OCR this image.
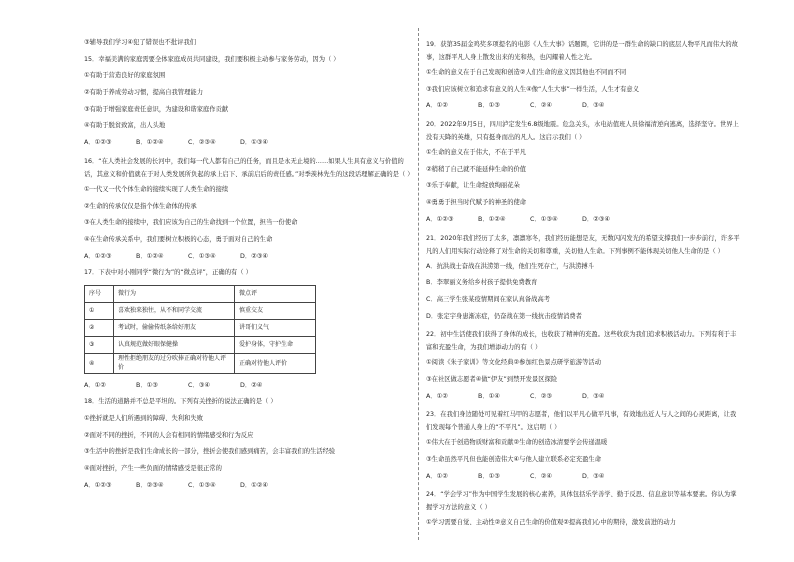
③辅导我们学习④犯了错误也不批评我们
15．幸福美满的家庭需要全体家庭成员共同建设，我们要积极主动参与家务劳动，因为（ ）
①有助于营造良好的家庭氛围
②有助于养成劳动习惯，提高自我管理能力
③有助于增强家庭责任意识，为建设和谐家庭作贡献
④有助于脱贫致富，出人头地
A．①②③	B．①②④	C．②③④	D．①③④
16．“在人类社会发展的长河中，我们每一代人都有自己的任务，而且是永无止境的……如果人生具有意义与价值的话，其意义和价值就在于对人类发展所负起的承上启下、承前启后的责任感。”对季羡林先生的这段话理解正确的是（ ）
①一代又一代个体生命的接续实现了人类生命的接续
②生命的传承仅仅是指个体生命体的传承
③在人类生命的接续中，我们应该为自己的生命找到一个位置，担当一份使命
④在生命传承关系中，我们要树立积极的心态，勇于面对自己的生命
A．①②③	B．①②④	C．①③④	D．②③④
17．下表中对小刚同学“微行为”的“微点评”，正确的有（ ）
序号	微行为	微点评
①	喜欢独来独往，从不和同学交流	慎重交友
②	考试时，偷偷传纸条给好朋友	讲哥们义气
③	认真规范做好眼保健操	爱护身体，守护生命
④	理性拒绝朋友的过分吹捧正确对待他人评价	正确对待他人评价
A．①②	B．①③	C．③④	D．②④
18．生活的道路并不总是平坦的。下列有关挫折的说法正确的是（ ）
①挫折就是人们所遇到的障碍、失利和失败
②面对不同的挫折，不同的人会有相同的情绪感受和行为反应
③生活中的挫折是我们生命成长的一部分，挫折会使我们感到痛苦，会丰富我们的生活经验
④面对挫折，产生一些负面的情绪感受是很正常的
A．①②③	B．②③④	C．①③④	D．①②④
19．获第35届金鸡奖多项提名的电影《人生大事》话题圈，它讲的是一群生命的缺口的底层人物平凡而伟大的故事，这群平凡人身上散发出来的光和热，也闪耀着人性之光。
①生命的意义在于自己发现和创造②人们生命的意义因其他也不同而不同
③我们应该树立和追求有意义的人生④像“人生大事”一样生活，人生才有意义
A．①②	B．①③	C．②④	D．③④
20．2022年9月5日，四川泸定发生6.8级地震。危急关头，水电站值班人员徐福清逆向逃离，选择坚守。世界上没有天降的英雄，只有挺身而出的凡人。这启示我们（ ）
①生命的意义在于伟大，不在于平凡
②稍稍了自己就不能延伸生命的价值
③乐于奉献，让生命绽放绚丽花朵
④勇勇于担当时代赋予的神圣的使命
A．①②③	B．①②④	C．①③④	D．②③④
21．2020年我们经历了太多，凛凛寒冬，我们经历能想是友，无数闪闪发光的希望支撑我们一步步前行，许多平凡的人们用实际行动诠释了对生命的关切和尊重，关切他人生命。下列事例不能体现关切他人生命的是（ ）
A．抗洪战士奋战在洪涝第一线，他们生死存亡，与洪涝搏斗
B．李翠丽义务给乡村孩子提供免费教育
C．高三学生张某疫情期间在家认真备战高考
D．张定宇身患渐冻症，仍奋战在第一线抗击疫情消费者
22．初中生活使我们获得了身体的成长，也收获了精神的充盈。这些收获为我们追求积极活动力。下列有利于丰富和充盈生命，为我们增添动力的有（ ）
①阅读《朱子家训》等文化经典②参加红色景点研学旅游等活动
③在社区做志愿者④做“伊友”到禁开发景区探险
A．①②	B．①④	C．②③	D．③④
23．在我们身边随处可见着红马甲的志愿者，他们以平凡心做平凡事，有效地出近人与人之间的心灵距离，让我们发现每个普通人身上的“不平凡”。这启明（ ）
①伟大在于创造物质财富和贡献②生命的创造冰清要学会传递温暖
③生命虽然平凡但也能创造伟大④与他人建立联系必定充盈生命
A．①②	B．①③	C．②④	D．③④
24．“学会学习”作为中国学生发展的核心素养，具体包括乐学善学、勤于反思、信息意识等基本要素。你认为掌握学习方法的意义（ ）
①学习需要自觉、主动性②意义自己生命的价值观②提高我们心中的期待，激发前进的动力
